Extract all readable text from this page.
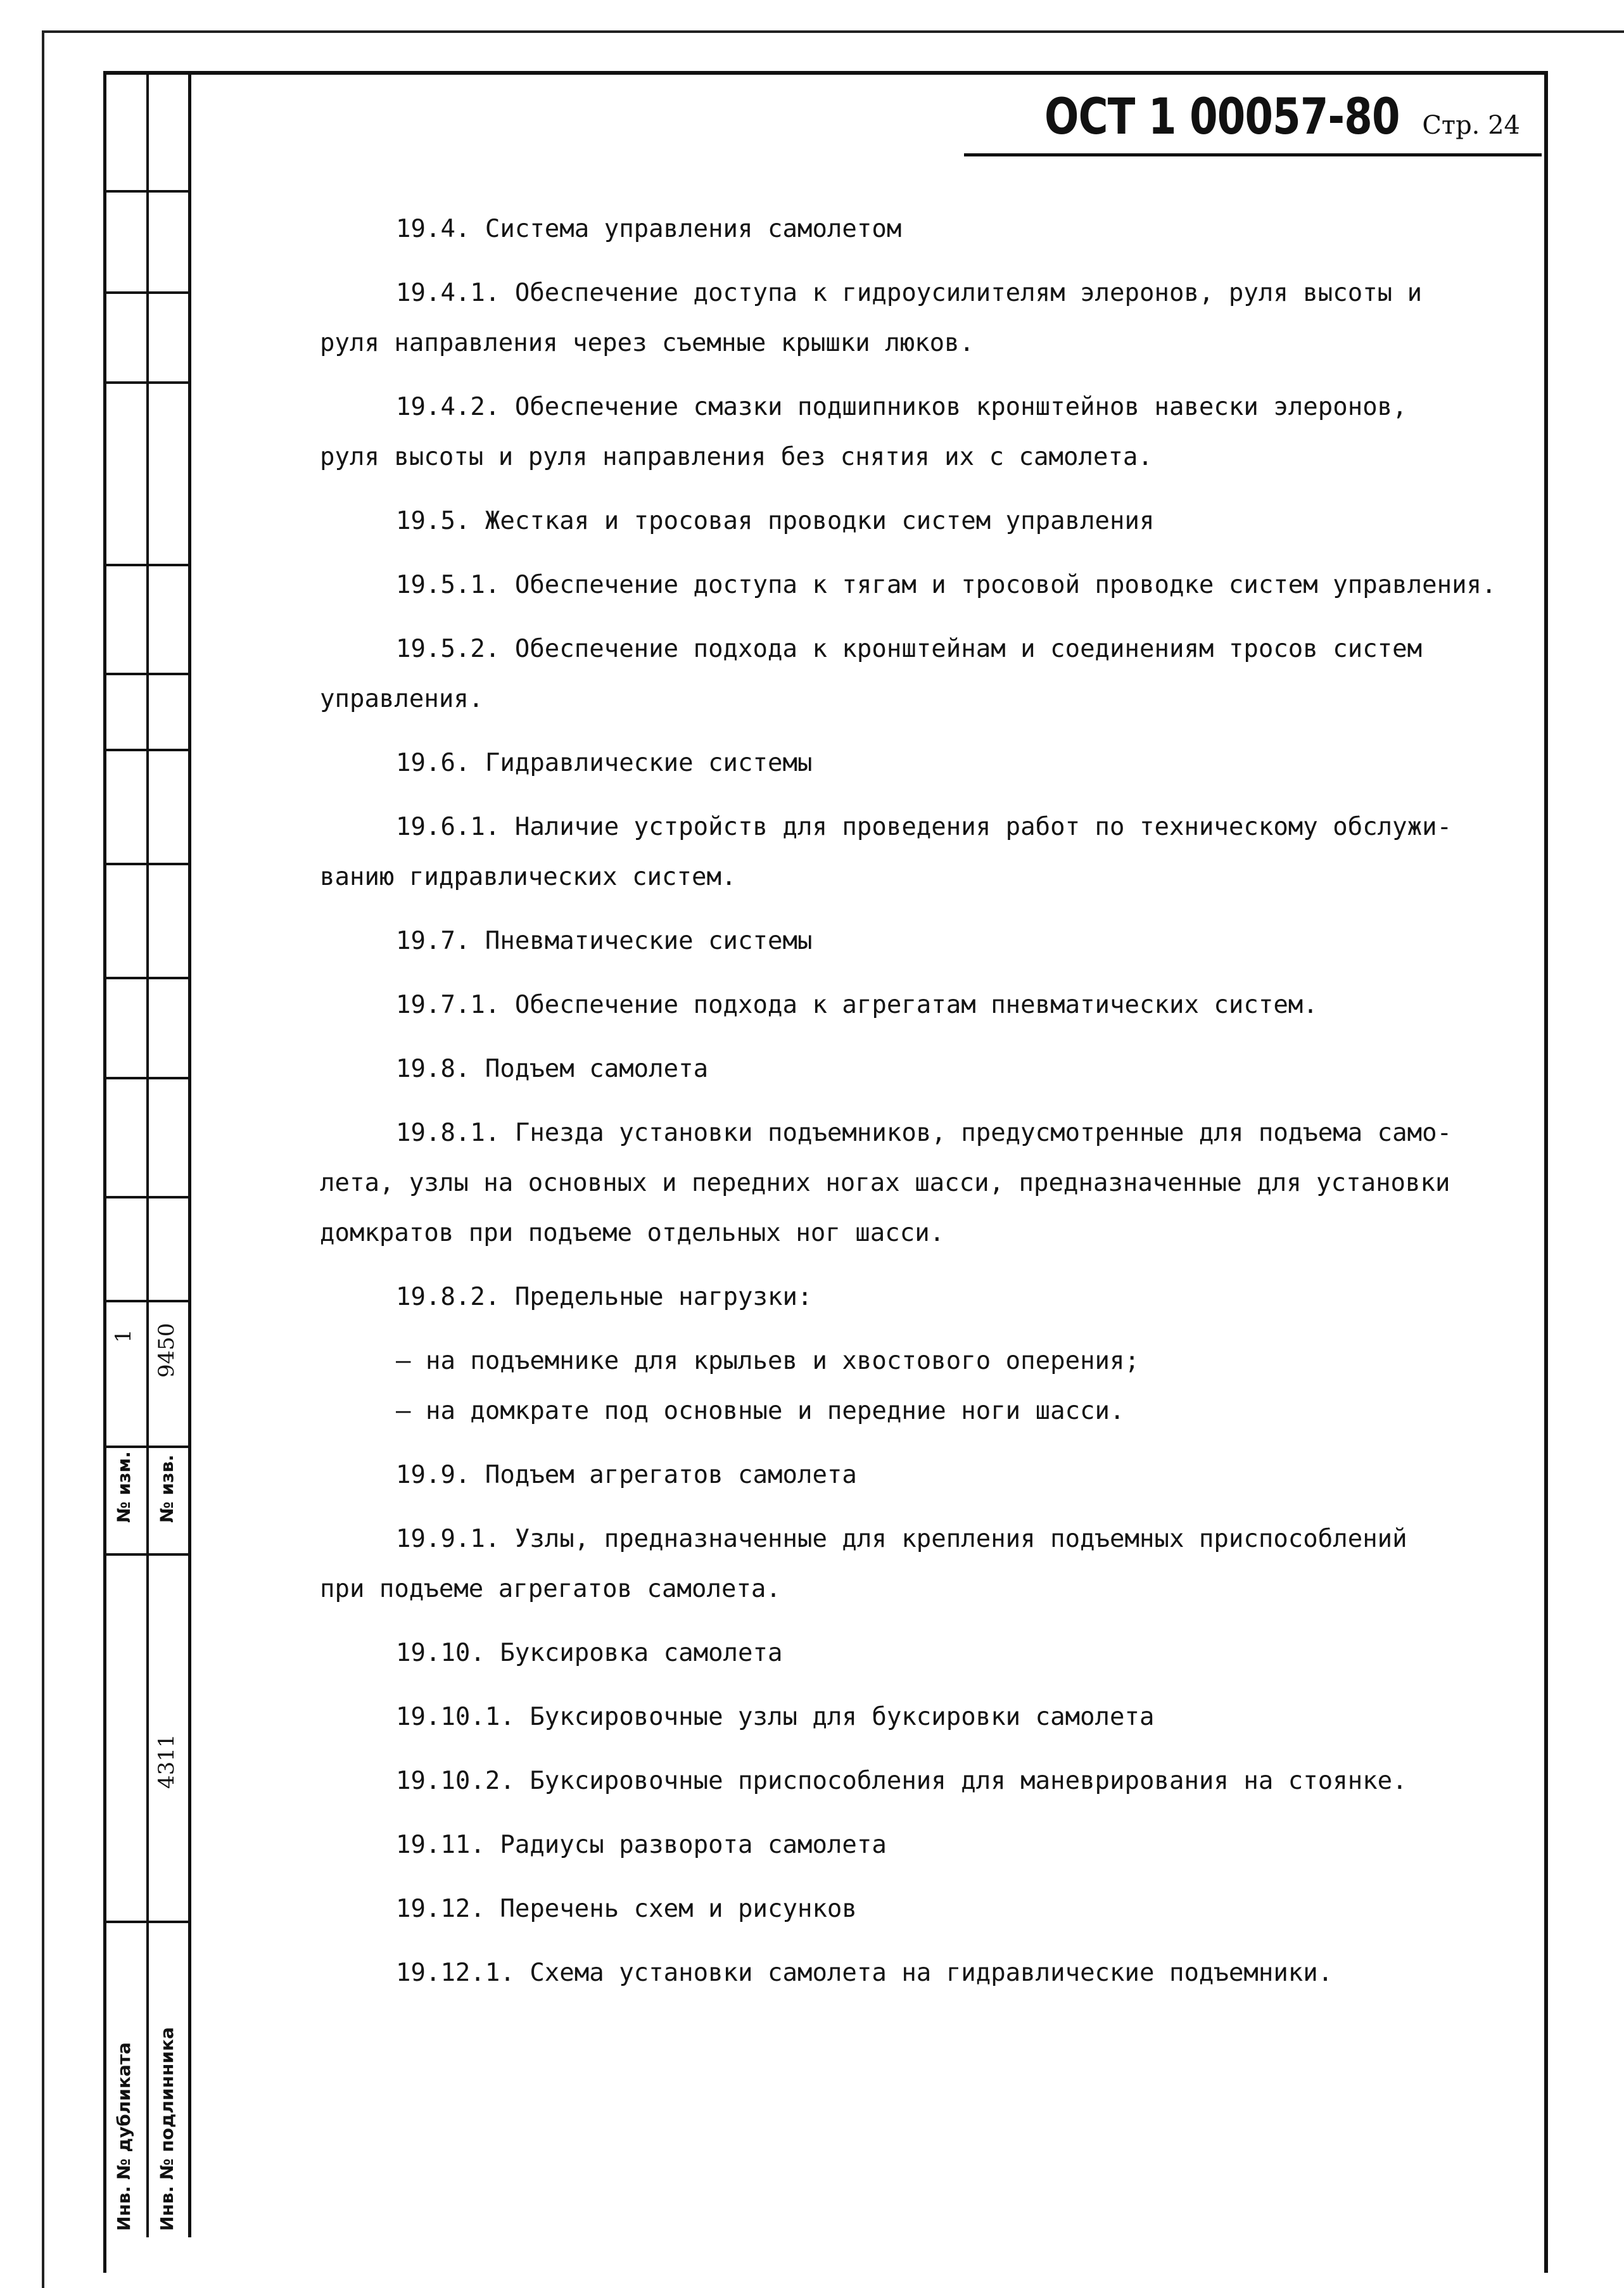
1 9450
№ изм. № изв.
4311
Инв. № дубликата Инв. № подлинника
ОСТ 1 00057-80 Стр. 24
19.4. Система управления самолетом
19.4.1. Обеспечение доступа к гидроусилителям элеронов, руля высоты и
руля направления через съемные крышки люков.
19.4.2. Обеспечение смазки подшипников кронштейнов навески элеронов,
руля высоты и руля направления без снятия их с самолета.
19.5. Жесткая и тросовая проводки систем управления
19.5.1. Обеспечение доступа к тягам и тросовой проводке систем управления.
19.5.2. Обеспечение подхода к кронштейнам и соединениям тросов систем
управления.
19.6. Гидравлические системы
19.6.1. Наличие устройств для проведения работ по техническому обслужи-
ванию гидравлических систем.
19.7. Пневматические системы
19.7.1. Обеспечение подхода к агрегатам пневматических систем.
19.8. Подъем самолета
19.8.1. Гнезда установки подъемников, предусмотренные для подъема само-
лета, узлы на основных и передних ногах шасси, предназначенные для установки
домкратов при подъеме отдельных ног шасси.
19.8.2. Предельные нагрузки:
– на подъемнике для крыльев и хвостового оперения;
– на домкрате под основные и передние ноги шасси.
19.9. Подъем агрегатов самолета
19.9.1. Узлы, предназначенные для крепления подъемных приспособлений
при подъеме агрегатов самолета.
19.10. Буксировка самолета
19.10.1. Буксировочные узлы для буксировки самолета
19.10.2. Буксировочные приспособления для маневрирования на стоянке.
19.11. Радиусы разворота самолета
19.12. Перечень схем и рисунков
19.12.1. Схема установки самолета на гидравлические подъемники.
